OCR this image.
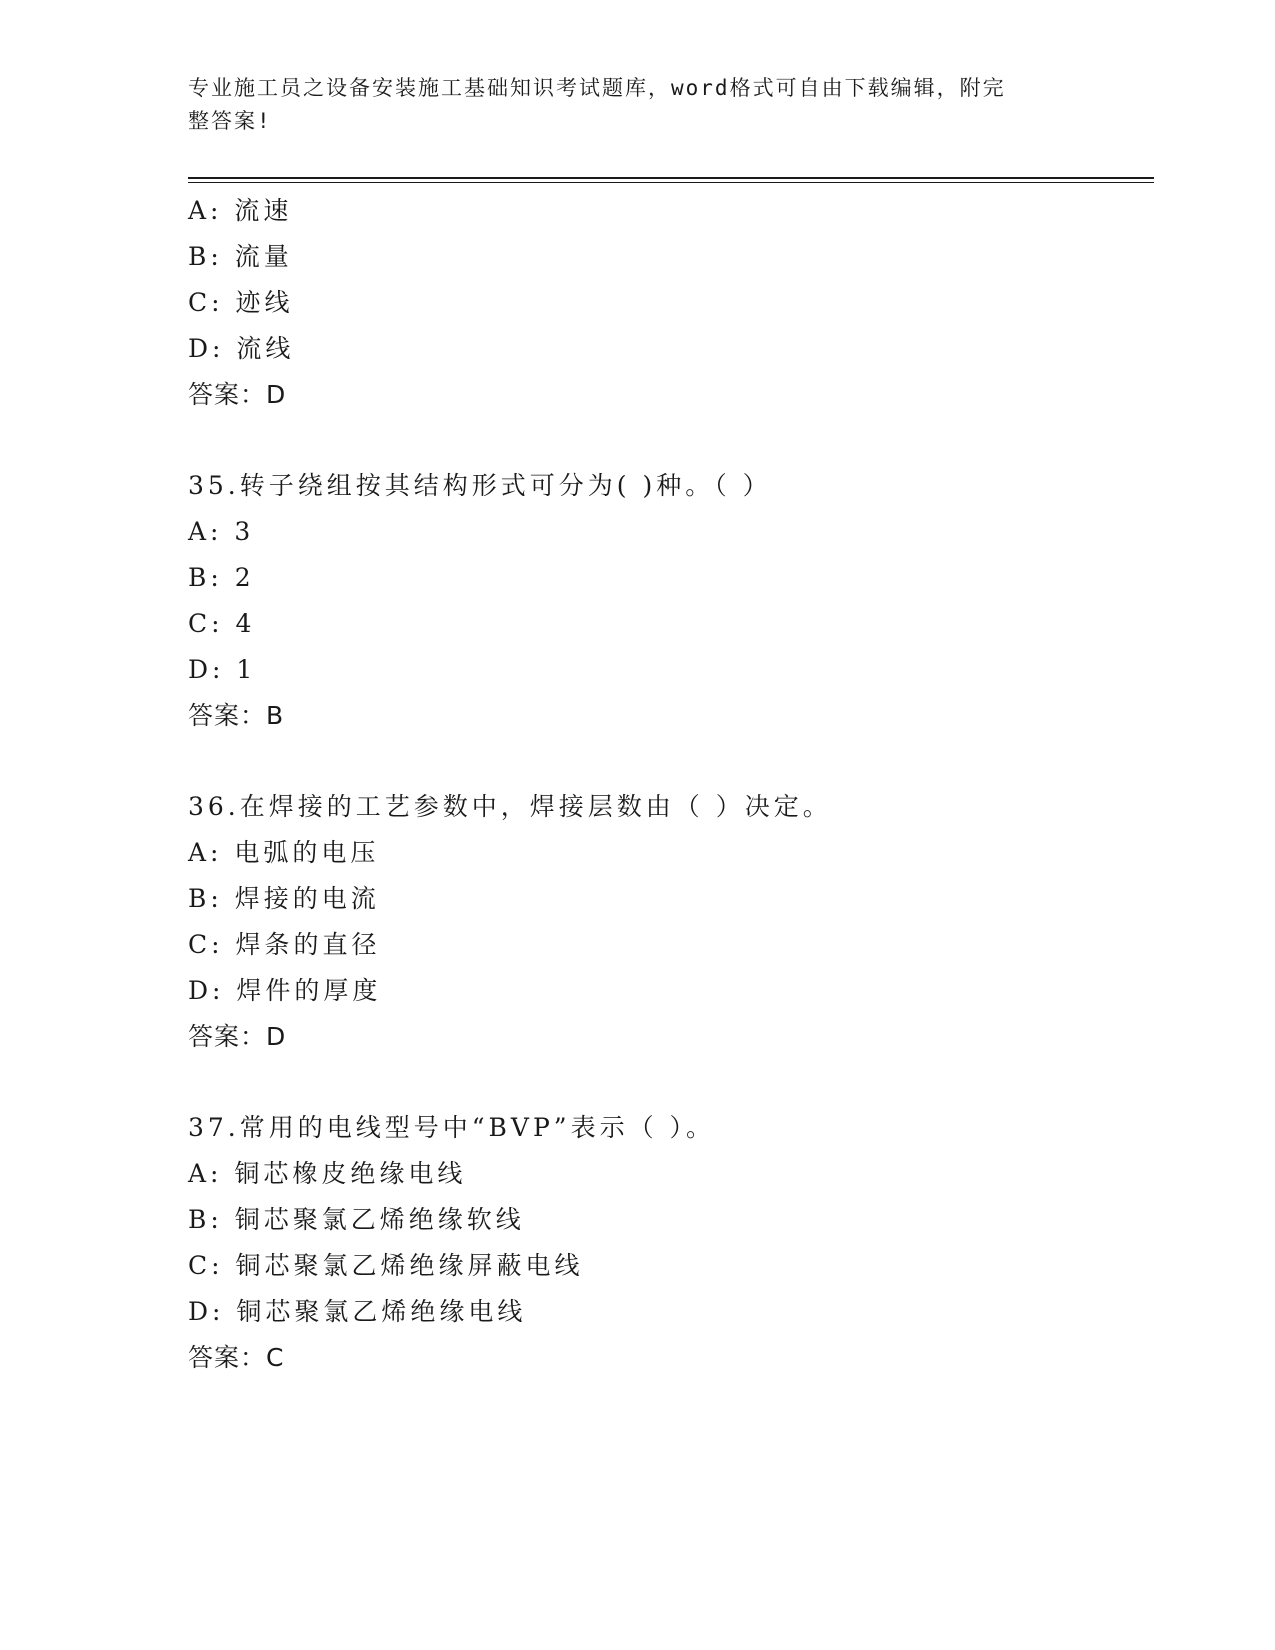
专业施工员之设备安装施工基础知识考试题库，word格式可自由下载编辑，附完
整答案!
A: 流速
B: 流量
C: 迹线
D: 流线
答案：D
35.转子绕组按其结构形式可分为( )种。（ ）
A: 3
B: 2
C: 4
D: 1
答案：B
36.在焊接的工艺参数中，焊接层数由（ ）决定。
A: 电弧的电压
B: 焊接的电流
C: 焊条的直径
D: 焊件的厚度
答案：D
37.常用的电线型号中“BVP”表示（ ）。
A: 铜芯橡皮绝缘电线
B: 铜芯聚氯乙烯绝缘软线
C: 铜芯聚氯乙烯绝缘屏蔽电线
D: 铜芯聚氯乙烯绝缘电线
答案：C
